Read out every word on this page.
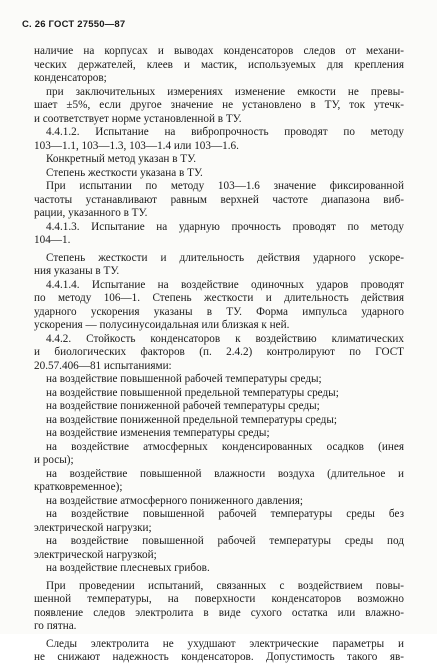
С. 26 ГОСТ 27550—87
наличие на корпусах и выводах конденсаторов следов от механи-
ческих держателей, клеев и мастик, используемых для крепления
конденсаторов;
при заключительных измерениях изменение емкости не превы-
шает ±5%, если другое значение не установлено в ТУ, ток утечк-
и соответствует норме установленной в ТУ.
4.4.1.2. Испытание на вибропрочность проводят по методу
103—1.1, 103—1.3, 103—1.4 или 103—1.6.
Конкретный метод указан в ТУ.
Степень жесткости указана в ТУ.
При испытании по методу 103—1.6 значение фиксированной
частоты устанавливают равным верхней частоте диапазона виб-
рации, указанного в ТУ.
4.4.1.3. Испытание на ударную прочность проводят по методу
104—1.
Степень жесткости и длительность действия ударного ускоре-
ния указаны в ТУ.
4.4.1.4. Испытание на воздействие одиночных ударов проводят
по методу 106—1. Степень жесткости и длительность действия
ударного ускорения указаны в ТУ. Форма импульса ударного
ускорения — полусинусоидальная или близкая к ней.
4.4.2. Стойкость конденсаторов к воздействию климатических
и биологических факторов (п. 2.4.2) контролируют по ГОСТ
20.57.406—81 испытаниями:
на воздействие повышенной рабочей температуры среды;
на воздействие повышенной предельной температуры среды;
на воздействие пониженной рабочей температуры среды;
на воздействие пониженной предельной температуры среды;
на воздействие изменения температуры среды;
на воздействие атмосферных конденсированных осадков (инея
и росы);
на воздействие повышенной влажности воздуха (длительное и
кратковременное);
на воздействие атмосферного пониженного давления;
на воздействие повышенной рабочей температуры среды без
электрической нагрузки;
на воздействие повышенной рабочей температуры среды под
электрической нагрузкой;
на воздействие плесневых грибов.
При проведении испытаний, связанных с воздействием повы-
шенной температуры, на поверхности конденсаторов возможно
появление следов электролита в виде сухого остатка или влажно-
го пятна.
Следы электролита не ухудшают электрические параметры и
не снижают надежность конденсаторов. Допустимость такого яв-
